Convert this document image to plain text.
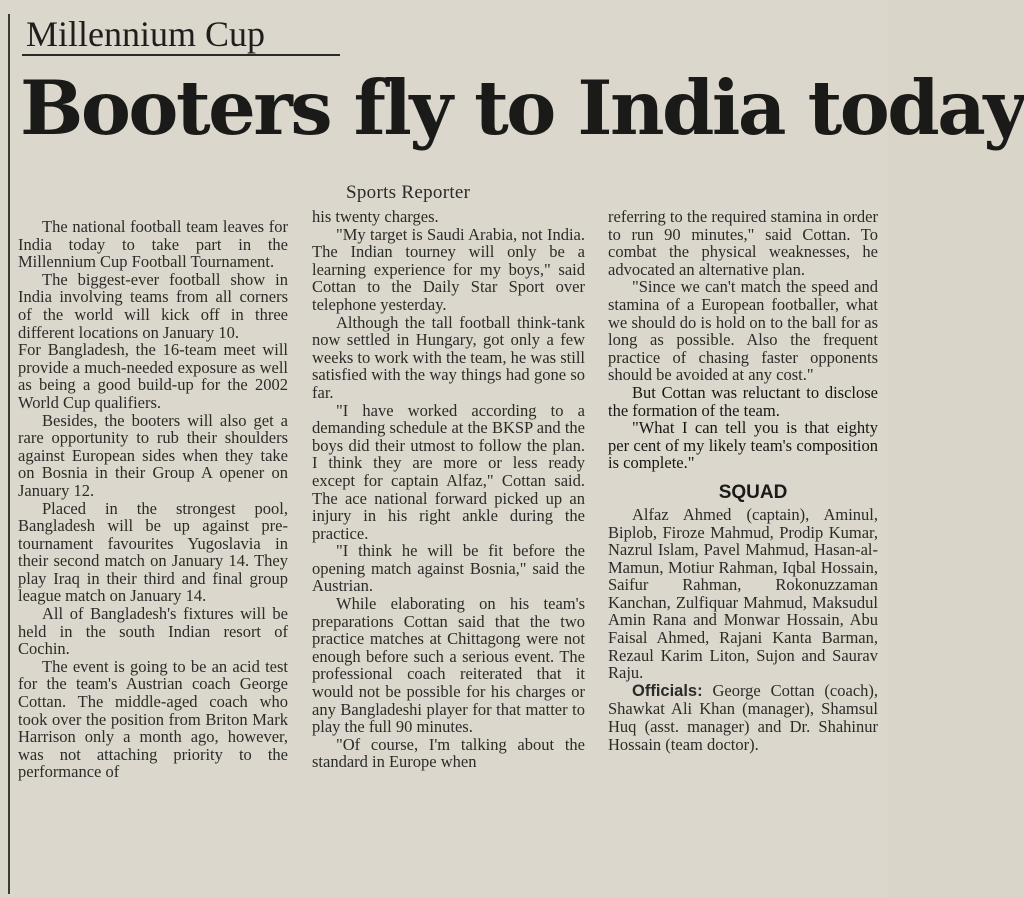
Millennium Cup
Booters fly to India today
Sports Reporter

The national football team leaves for India today to take part in the Millennium Cup Football Tournament.

The biggest-ever football show in India involving teams from all corners of the world will kick off in three different locations on January 10.

For Bangladesh, the 16-team meet will provide a much-needed exposure as well as being a good build-up for the 2002 World Cup qualifiers.

Besides, the booters will also get a rare opportunity to rub their shoulders against European sides when they take on Bosnia in their Group A opener on January 12.

Placed in the strongest pool, Bangladesh will be up against pre-tournament favourites Yugoslavia in their second match on January 14. They play Iraq in their third and final group league match on January 14.

All of Bangladesh's fixtures will be held in the south Indian resort of Cochin.

The event is going to be an acid test for the team's Austrian coach George Cottan. The middle-aged coach who took over the position from Briton Mark Harrison only a month ago, however, was not attaching priority to the performance of

his twenty charges.

"My target is Saudi Arabia, not India. The Indian tourney will only be a learning experience for my boys," said Cottan to the Daily Star Sport over telephone yesterday.

Although the tall football think-tank now settled in Hungary, got only a few weeks to work with the team, he was still satisfied with the way things had gone so far.

"I have worked according to a demanding schedule at the BKSP and the boys did their utmost to follow the plan. I think they are more or less ready except for captain Alfaz," Cottan said. The ace national forward picked up an injury in his right ankle during the practice.

"I think he will be fit before the opening match against Bosnia," said the Austrian.

While elaborating on his team's preparations Cottan said that the two practice matches at Chittagong were not enough before such a serious event. The professional coach reiterated that it would not be possible for his charges or any Bangladeshi player for that matter to play the full 90 minutes.

"Of course, I'm talking about the standard in Europe when

referring to the required stamina in order to run 90 minutes," said Cottan. To combat the physical weaknesses, he advocated an alternative plan.

"Since we can't match the speed and stamina of a European footballer, what we should do is hold on to the ball for as long as possible. Also the frequent practice of chasing faster opponents should be avoided at any cost."

But Cottan was reluctant to disclose the formation of the team.

"What I can tell you is that eighty per cent of my likely team's composition is complete."

SQUAD

Alfaz Ahmed (captain), Aminul, Biplob, Firoze Mahmud, Prodip Kumar, Nazrul Islam, Pavel Mahmud, Hasan-al-Mamun, Motiur Rahman, Iqbal Hossain, Saifur Rahman, Rokonuzzaman Kanchan, Zulfiquar Mahmud, Maksudul Amin Rana and Monwar Hossain, Abu Faisal Ahmed, Rajani Kanta Barman, Rezaul Karim Liton, Sujon and Saurav Raju.

Officials: George Cottan (coach), Shawkat Ali Khan (manager), Shamsul Huq (asst. manager) and Dr. Shahinur Hossain (team doctor).
